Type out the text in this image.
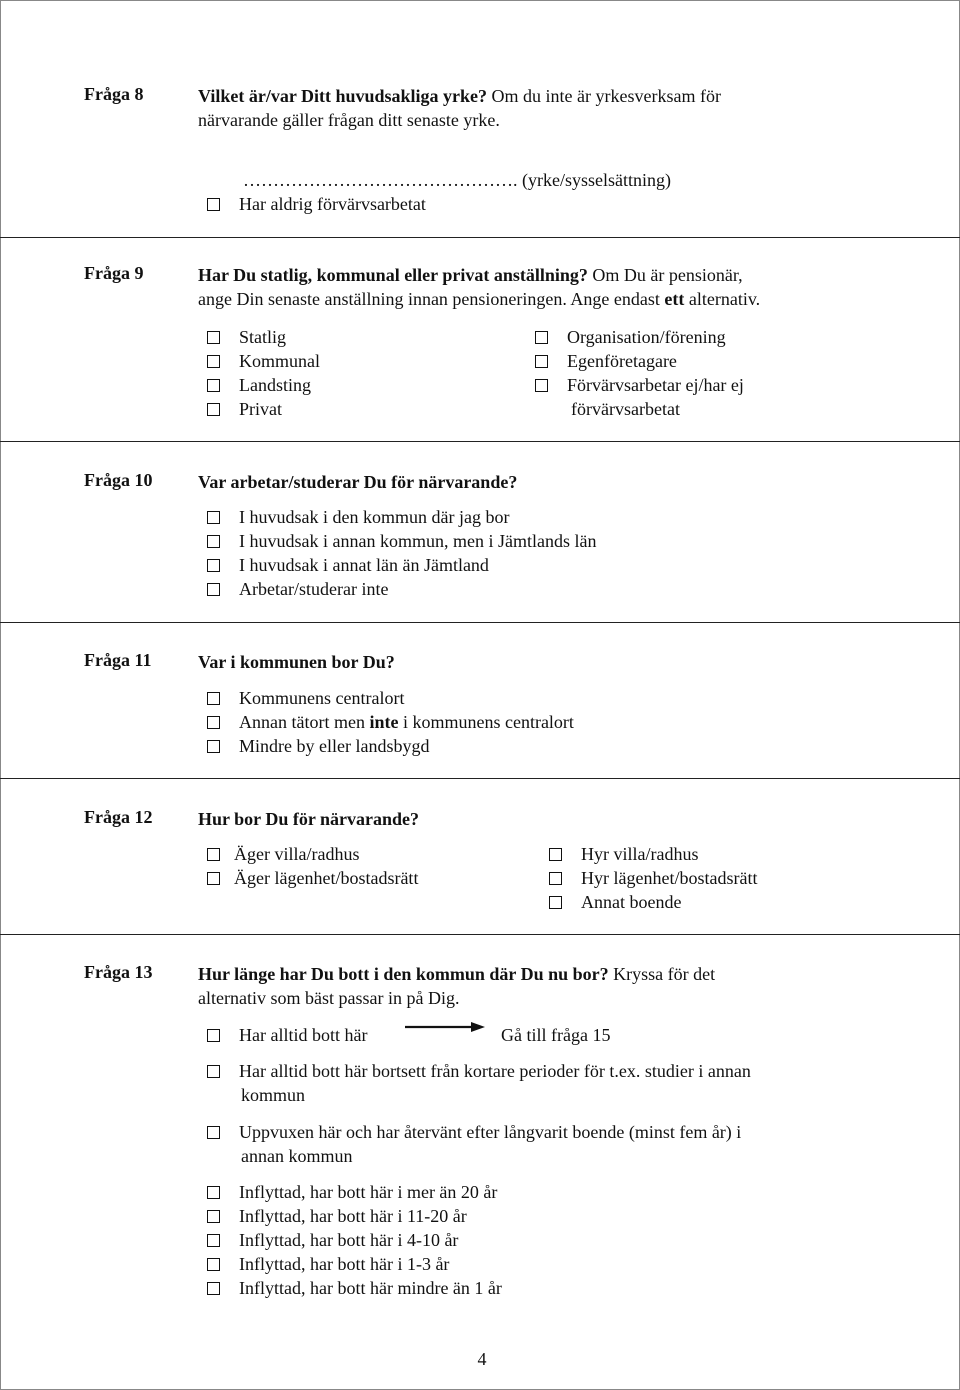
Fråga 8	Vilket är/var Ditt huvudsakliga yrke? Om du inte är yrkesverksam för
närvarande gäller frågan ditt senaste yrke.
………………………………………. (yrke/sysselsättning)
Har aldrig förvärvsarbetat
Fråga 9	Har Du statlig, kommunal eller privat anställning? Om Du är pensionär,
ange Din senaste anställning innan pensioneringen. Ange endast ett alternativ.
Statlig
Kommunal
Landsting
Privat
Organisation/förening
Egenföretagare
Förvärvsarbetar ej/har ej
förvärvsarbetat
Fråga 10	Var arbetar/studerar Du för närvarande?
I huvudsak i den kommun där jag bor
I huvudsak i annan kommun, men i Jämtlands län
I huvudsak i annat län än Jämtland
Arbetar/studerar inte
Fråga 11	Var i kommunen bor Du?
Kommunens centralort
Annan tätort men inte i kommunens centralort
Mindre by eller landsbygd
Fråga 12	Hur bor Du för närvarande?
Äger villa/radhus
Äger lägenhet/bostadsrätt
Hyr villa/radhus
Hyr lägenhet/bostadsrätt
Annat boende
Fråga 13	Hur länge har Du bott i den kommun där Du nu bor? Kryssa för det
alternativ som bäst passar in på Dig.
Har alltid bott här	Gå till fråga 15
Har alltid bott här bortsett från kortare perioder för t.ex. studier i annan
kommun
Uppvuxen här och har återvänt efter långvarit boende (minst fem år) i
annan kommun
Inflyttad, har bott här i mer än 20 år
Inflyttad, har bott här i 11-20 år
Inflyttad, har bott här i 4-10 år
Inflyttad, har bott här i 1-3 år
Inflyttad, har bott här mindre än 1 år
4
